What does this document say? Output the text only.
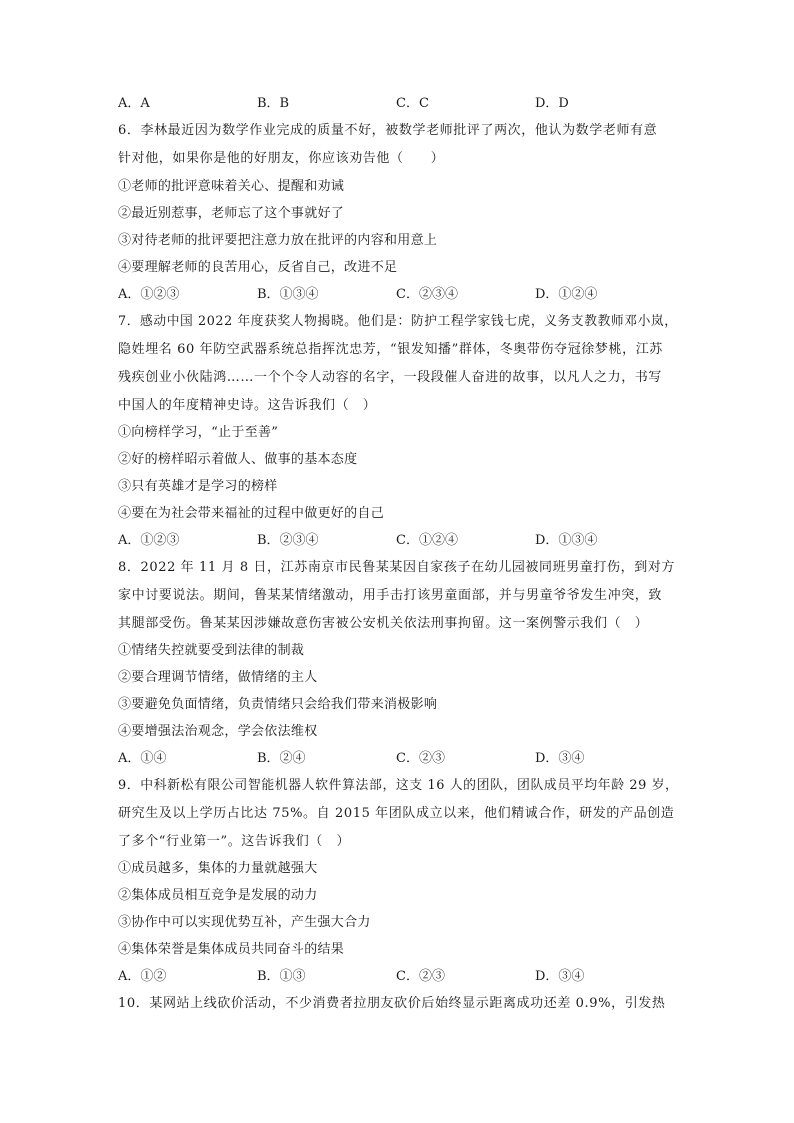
A．A	B．B	C．C	D．D
6．李林最近因为数学作业完成的质量不好，被数学老师批评了两次，他认为数学老师有意
针对他，如果你是他的好朋友，你应该劝告他（　　）
①老师的批评意味着关心、提醒和劝诫
②最近别惹事，老师忘了这个事就好了
③对待老师的批评要把注意力放在批评的内容和用意上
④要理解老师的良苦用心，反省自己，改进不足
A．①②③	B．①③④	C．②③④	D．①②④
7．感动中国 2022 年度获奖人物揭晓。他们是：防护工程学家钱七虎，义务支教教师邓小岚，
隐姓埋名 60 年防空武器系统总指挥沈忠芳，“银发知播”群体，冬奥带伤夺冠徐梦桃，江苏
残疾创业小伙陆鸿……一个个令人动容的名字，一段段催人奋进的故事，以凡人之力，书写
中国人的年度精神史诗。这告诉我们（　）
①向榜样学习，“止于至善”
②好的榜样昭示着做人、做事的基本态度
③只有英雄才是学习的榜样
④要在为社会带来福祉的过程中做更好的自己
A．①②③	B．②③④	C．①②④	D．①③④
8．2022 年 11 月 8 日，江苏南京市民鲁某某因自家孩子在幼儿园被同班男童打伤，到对方
家中讨要说法。期间，鲁某某情绪激动，用手击打该男童面部，并与男童爷爷发生冲突，致
其腿部受伤。鲁某某因涉嫌故意伤害被公安机关依法刑事拘留。这一案例警示我们（　）
①情绪失控就要受到法律的制裁
②要合理调节情绪，做情绪的主人
③要避免负面情绪，负责情绪只会给我们带来消极影响
④要增强法治观念，学会依法维权
A．①④	B．②④	C．②③	D．③④
9．中科新松有限公司智能机器人软件算法部，这支 16 人的团队，团队成员平均年龄 29 岁，
研究生及以上学历占比达 75%。自 2015 年团队成立以来，他们精诚合作，研发的产品创造
了多个“行业第一”。这告诉我们（　）
①成员越多，集体的力量就越强大
②集体成员相互竞争是发展的动力
③协作中可以实现优势互补，产生强大合力
④集体荣誉是集体成员共同奋斗的结果
A．①②	B．①③	C．②③	D．③④
10．某网站上线砍价活动，不少消费者拉朋友砍价后始终显示距离成功还差 0.9%，引发热
